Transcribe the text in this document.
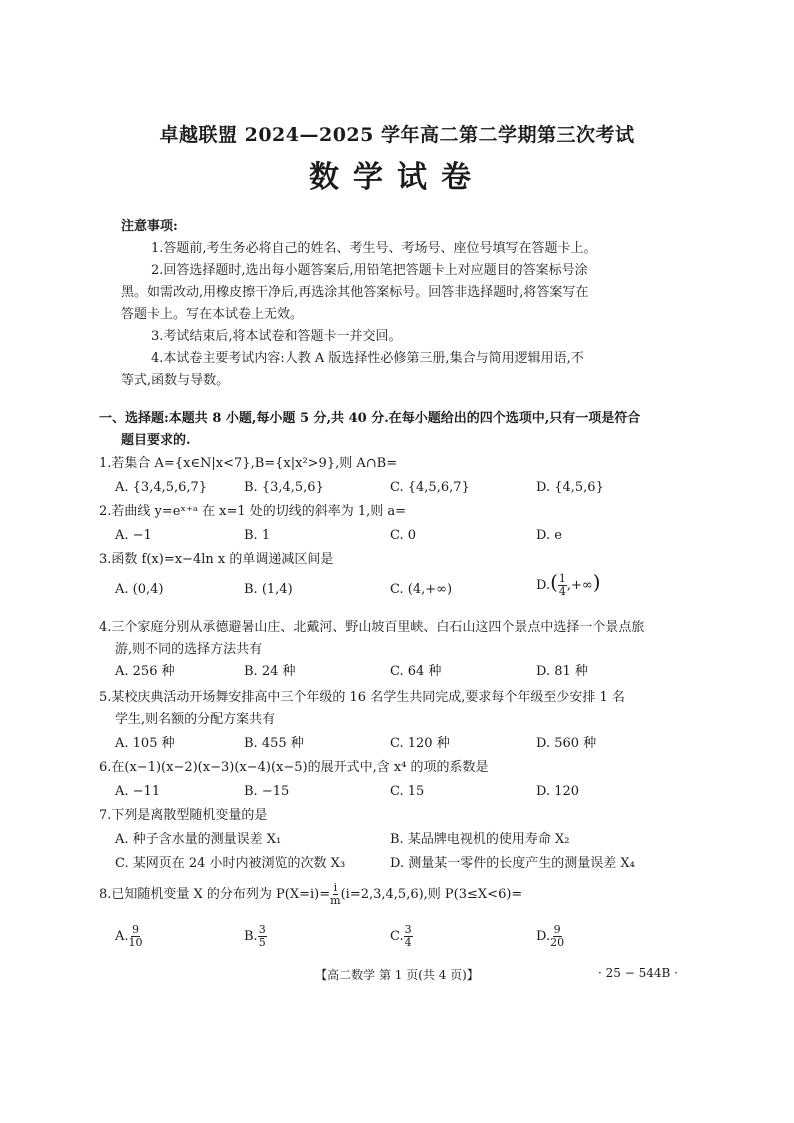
卓越联盟 2024—2025 学年高二第二学期第三次考试
数学试卷
注意事项:
1.答题前,考生务必将自己的姓名、考生号、考场号、座位号填写在答题卡上。
2.回答选择题时,选出每小题答案后,用铅笔把答题卡上对应题目的答案标号涂
黑。如需改动,用橡皮擦干净后,再选涂其他答案标号。回答非选择题时,将答案写在
答题卡上。写在本试卷上无效。
3.考试结束后,将本试卷和答题卡一并交回。
4.本试卷主要考试内容:人教 A 版选择性必修第三册,集合与简用逻辑用语,不
等式,函数与导数。
一、选择题:本题共 8 小题,每小题 5 分,共 40 分.在每小题给出的四个选项中,只有一项是符合
题目要求的.
1.若集合 A={x∈N|x<7},B={x|x²>9},则 A∩B=
A. {3,4,5,6,7}	B. {3,4,5,6}	C. {4,5,6,7}	D. {4,5,6}
2.若曲线 y=eˣ⁺ᵃ 在 x=1 处的切线的斜率为 1,则 a=
A. −1	B. 1	C. 0	D. e
3.函数 f(x)=x−4ln x 的单调递减区间是
A. (0,4)	B. (1,4)	C. (4,+∞)	$D.( \frac{1}{4}$ ,+∞)
4.三个家庭分别从承德避暑山庄、北戴河、野山坡百里峡、白石山这四个景点中选择一个景点旅
游,则不同的选择方法共有
A. 256 种	B. 24 种	C. 64 种	D. 81 种
5.某校庆典活动开场舞安排高中三个年级的 16 名学生共同完成,要求每个年级至少安排 1 名
学生,则名额的分配方案共有
A. 105 种	B. 455 种	C. 120 种	D. 560 种
6.在(x−1)(x−2)(x−3)(x−4)(x−5)的展开式中,含 x⁴ 的项的系数是
A. −11	B. −15	C. 15	D. 120
7.下列是离散型随机变量的是
A. 种子含水量的测量误差 X₁	B. 某品牌电视机的使用寿命 X₂
C. 某网页在 24 小时内被浏览的次数 X₃	D. 测量某一零件的长度产生的测量误差 X₄
8.已知随机变量 X 的分布列为 $P(X=i)= \frac{i}{m} (i=2,3,4,5,6)$,则 P(3≤X<6)=
A. $\frac{9}{10}$	B. $\frac{3}{5}$	C. $\frac{3}{4}$	D. $\frac{9}{20}$
【高二数学 第 1 页(共 4 页)】	· 25 − 544B ·
